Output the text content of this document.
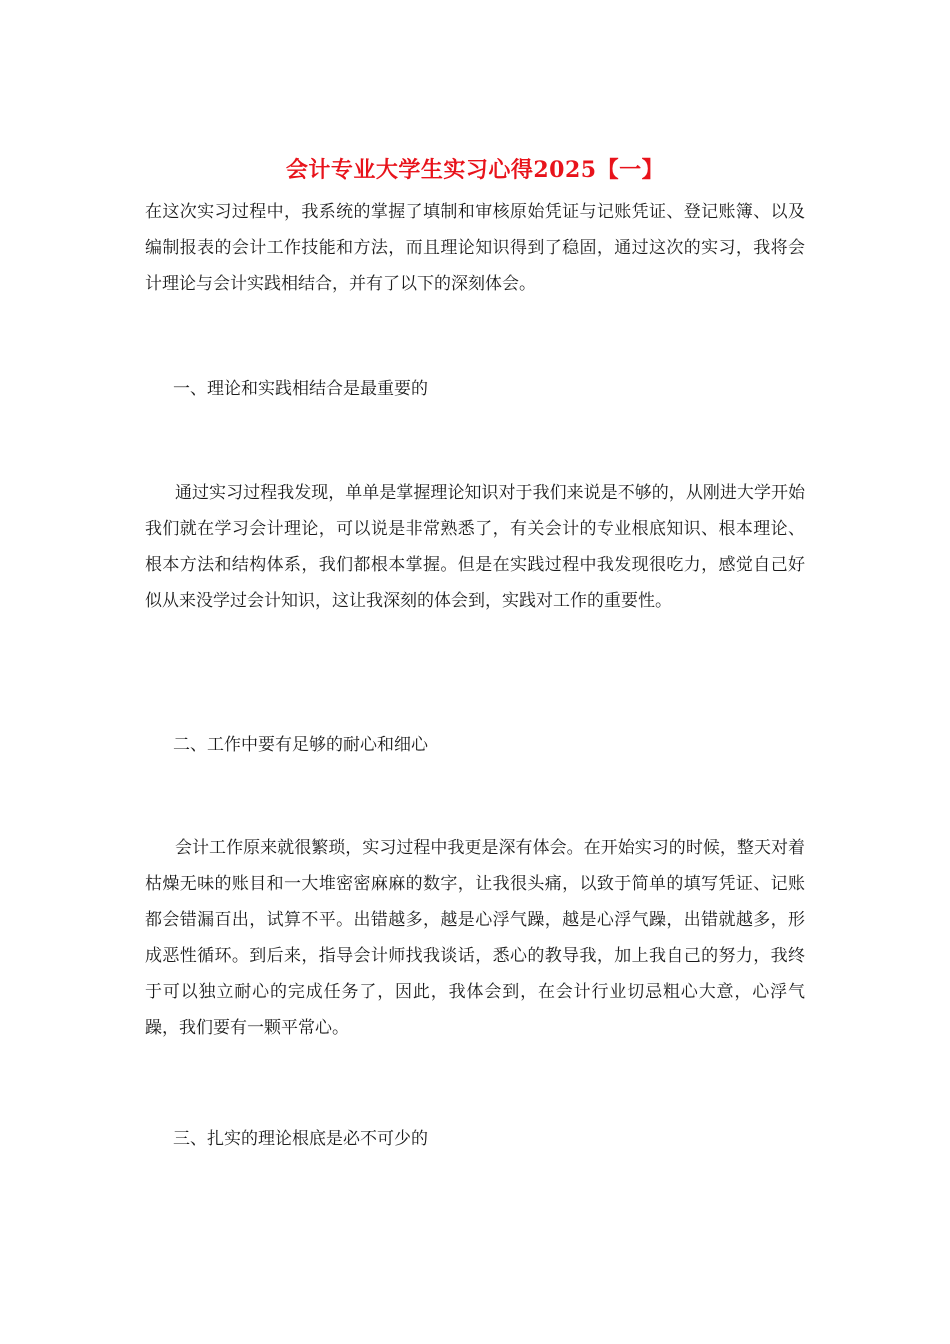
会计专业大学生实习心得2025【一】

在这次实习过程中，我系统的掌握了填制和审核原始凭证与记账凭证、登记账簿、以及编制报表的会计工作技能和方法，而且理论知识得到了稳固，通过这次的实习，我将会计理论与会计实践相结合，并有了以下的深刻体会。

一、理论和实践相结合是最重要的

通过实习过程我发现，单单是掌握理论知识对于我们来说是不够的，从刚进大学开始我们就在学习会计理论，可以说是非常熟悉了，有关会计的专业根底知识、根本理论、根本方法和结构体系，我们都根本掌握。但是在实践过程中我发现很吃力，感觉自己好似从来没学过会计知识，这让我深刻的体会到，实践对工作的重要性。

二、工作中要有足够的耐心和细心

会计工作原来就很繁琐，实习过程中我更是深有体会。在开始实习的时候，整天对着枯燥无味的账目和一大堆密密麻麻的数字，让我很头痛，以致于简单的填写凭证、记账都会错漏百出，试算不平。出错越多，越是心浮气躁，越是心浮气躁，出错就越多，形成恶性循环。到后来，指导会计师找我谈话，悉心的教导我，加上我自己的努力，我终于可以独立耐心的完成任务了，因此，我体会到，在会计行业切忌粗心大意，心浮气躁，我们要有一颗平常心。

三、扎实的理论根底是必不可少的
